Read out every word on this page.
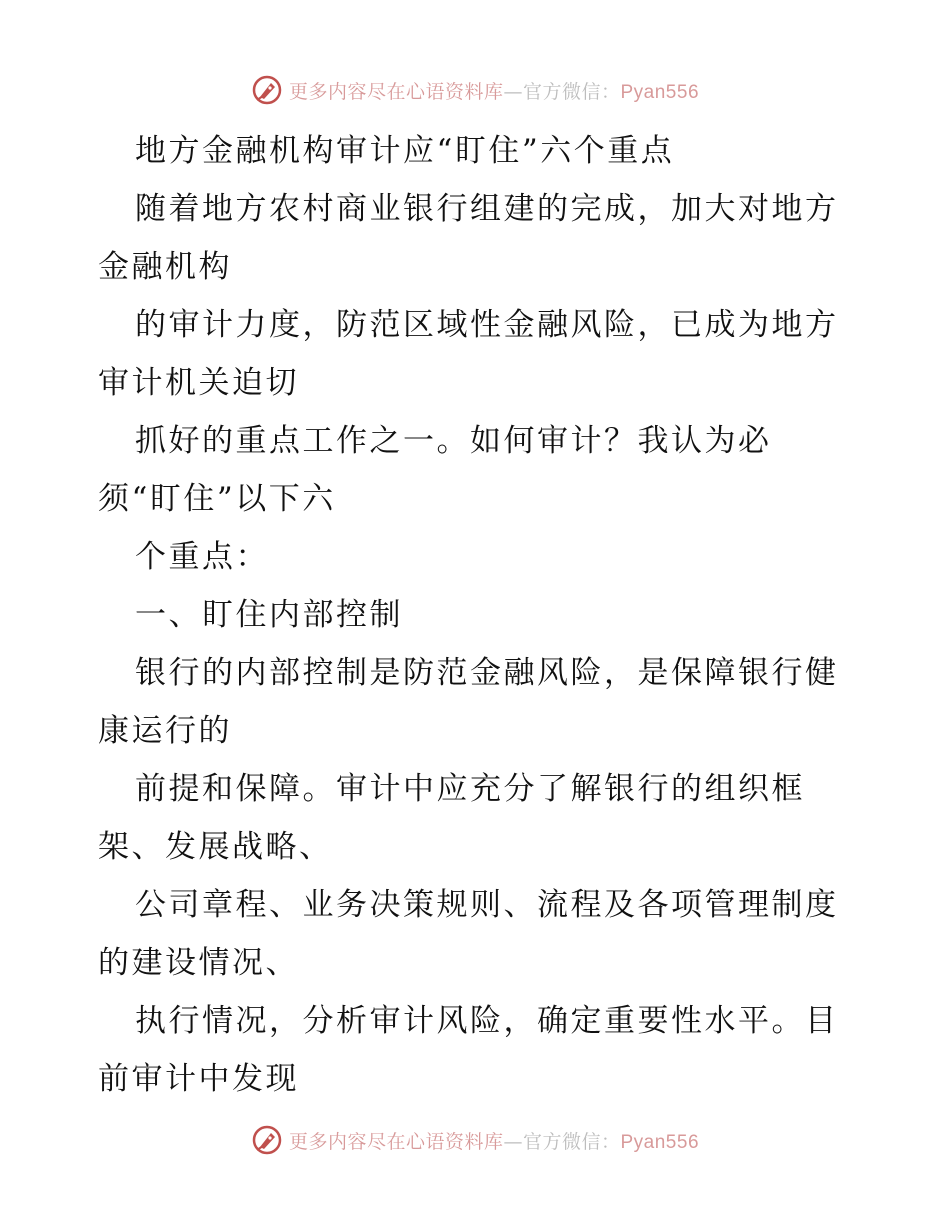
更多内容尽在心语资料库—官方微信：Pyan556
地方金融机构审计应“盯住”六个重点
随着地方农村商业银行组建的完成，加大对地方
金融机构
的审计力度，防范区域性金融风险，已成为地方
审计机关迫切
抓好的重点工作之一。如何审计？我认为必
须“盯住”以下六
个重点：
一、盯住内部控制
银行的内部控制是防范金融风险，是保障银行健
康运行的
前提和保障。审计中应充分了解银行的组织框
架、发展战略、
公司章程、业务决策规则、流程及各项管理制度
的建设情况、
执行情况，分析审计风险，确定重要性水平。目
前审计中发现
更多内容尽在心语资料库—官方微信：Pyan556
